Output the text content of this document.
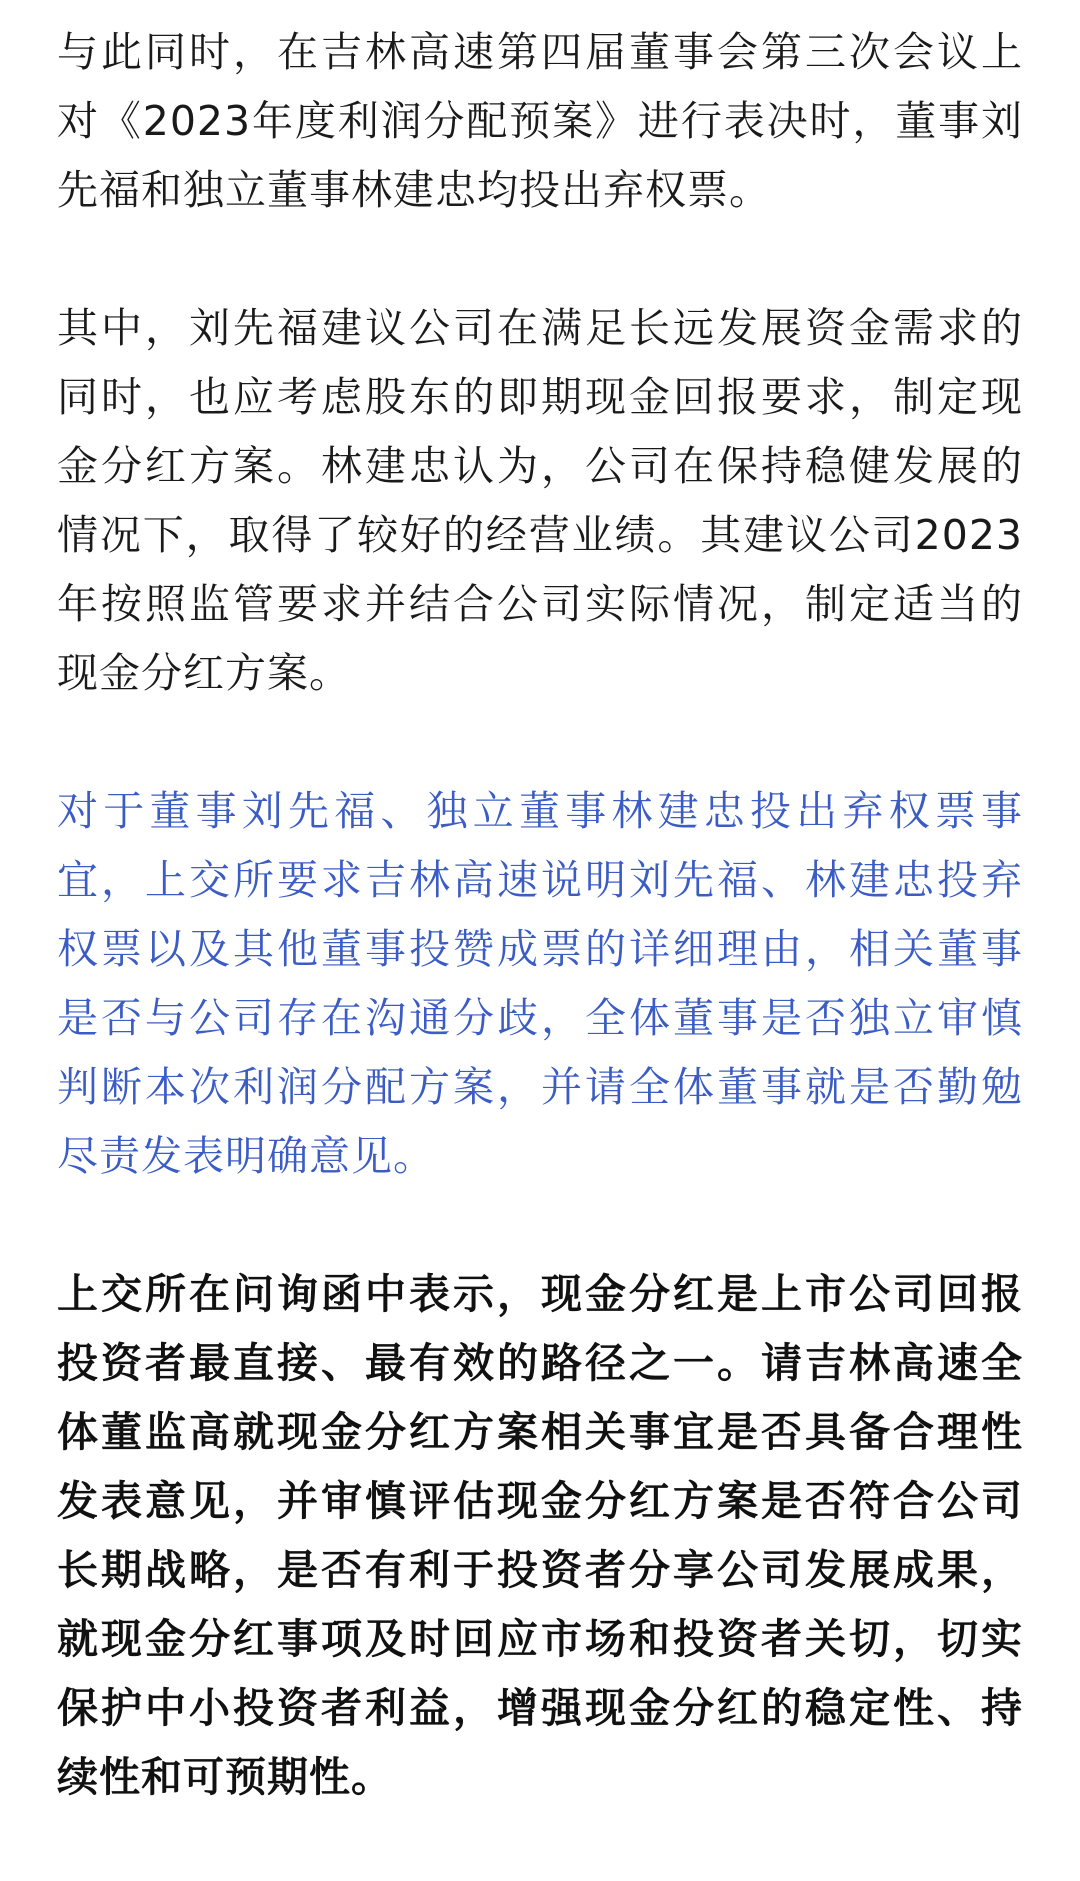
与此同时，在吉林高速第四届董事会第三次会议上
对《2023年度利润分配预案》进行表决时，董事刘
先福和独立董事林建忠均投出弃权票。

其中，刘先福建议公司在满足长远发展资金需求的
同时，也应考虑股东的即期现金回报要求，制定现
金分红方案。林建忠认为，公司在保持稳健发展的
情况下，取得了较好的经营业绩。其建议公司2023
年按照监管要求并结合公司实际情况，制定适当的
现金分红方案。

对于董事刘先福、独立董事林建忠投出弃权票事
宜，上交所要求吉林高速说明刘先福、林建忠投弃
权票以及其他董事投赞成票的详细理由，相关董事
是否与公司存在沟通分歧，全体董事是否独立审慎
判断本次利润分配方案，并请全体董事就是否勤勉
尽责发表明确意见。

上交所在问询函中表示，现金分红是上市公司回报
投资者最直接、最有效的路径之一。请吉林高速全
体董监高就现金分红方案相关事宜是否具备合理性
发表意见，并审慎评估现金分红方案是否符合公司
长期战略，是否有利于投资者分享公司发展成果，
就现金分红事项及时回应市场和投资者关切，切实
保护中小投资者利益，增强现金分红的稳定性、持
续性和可预期性。
